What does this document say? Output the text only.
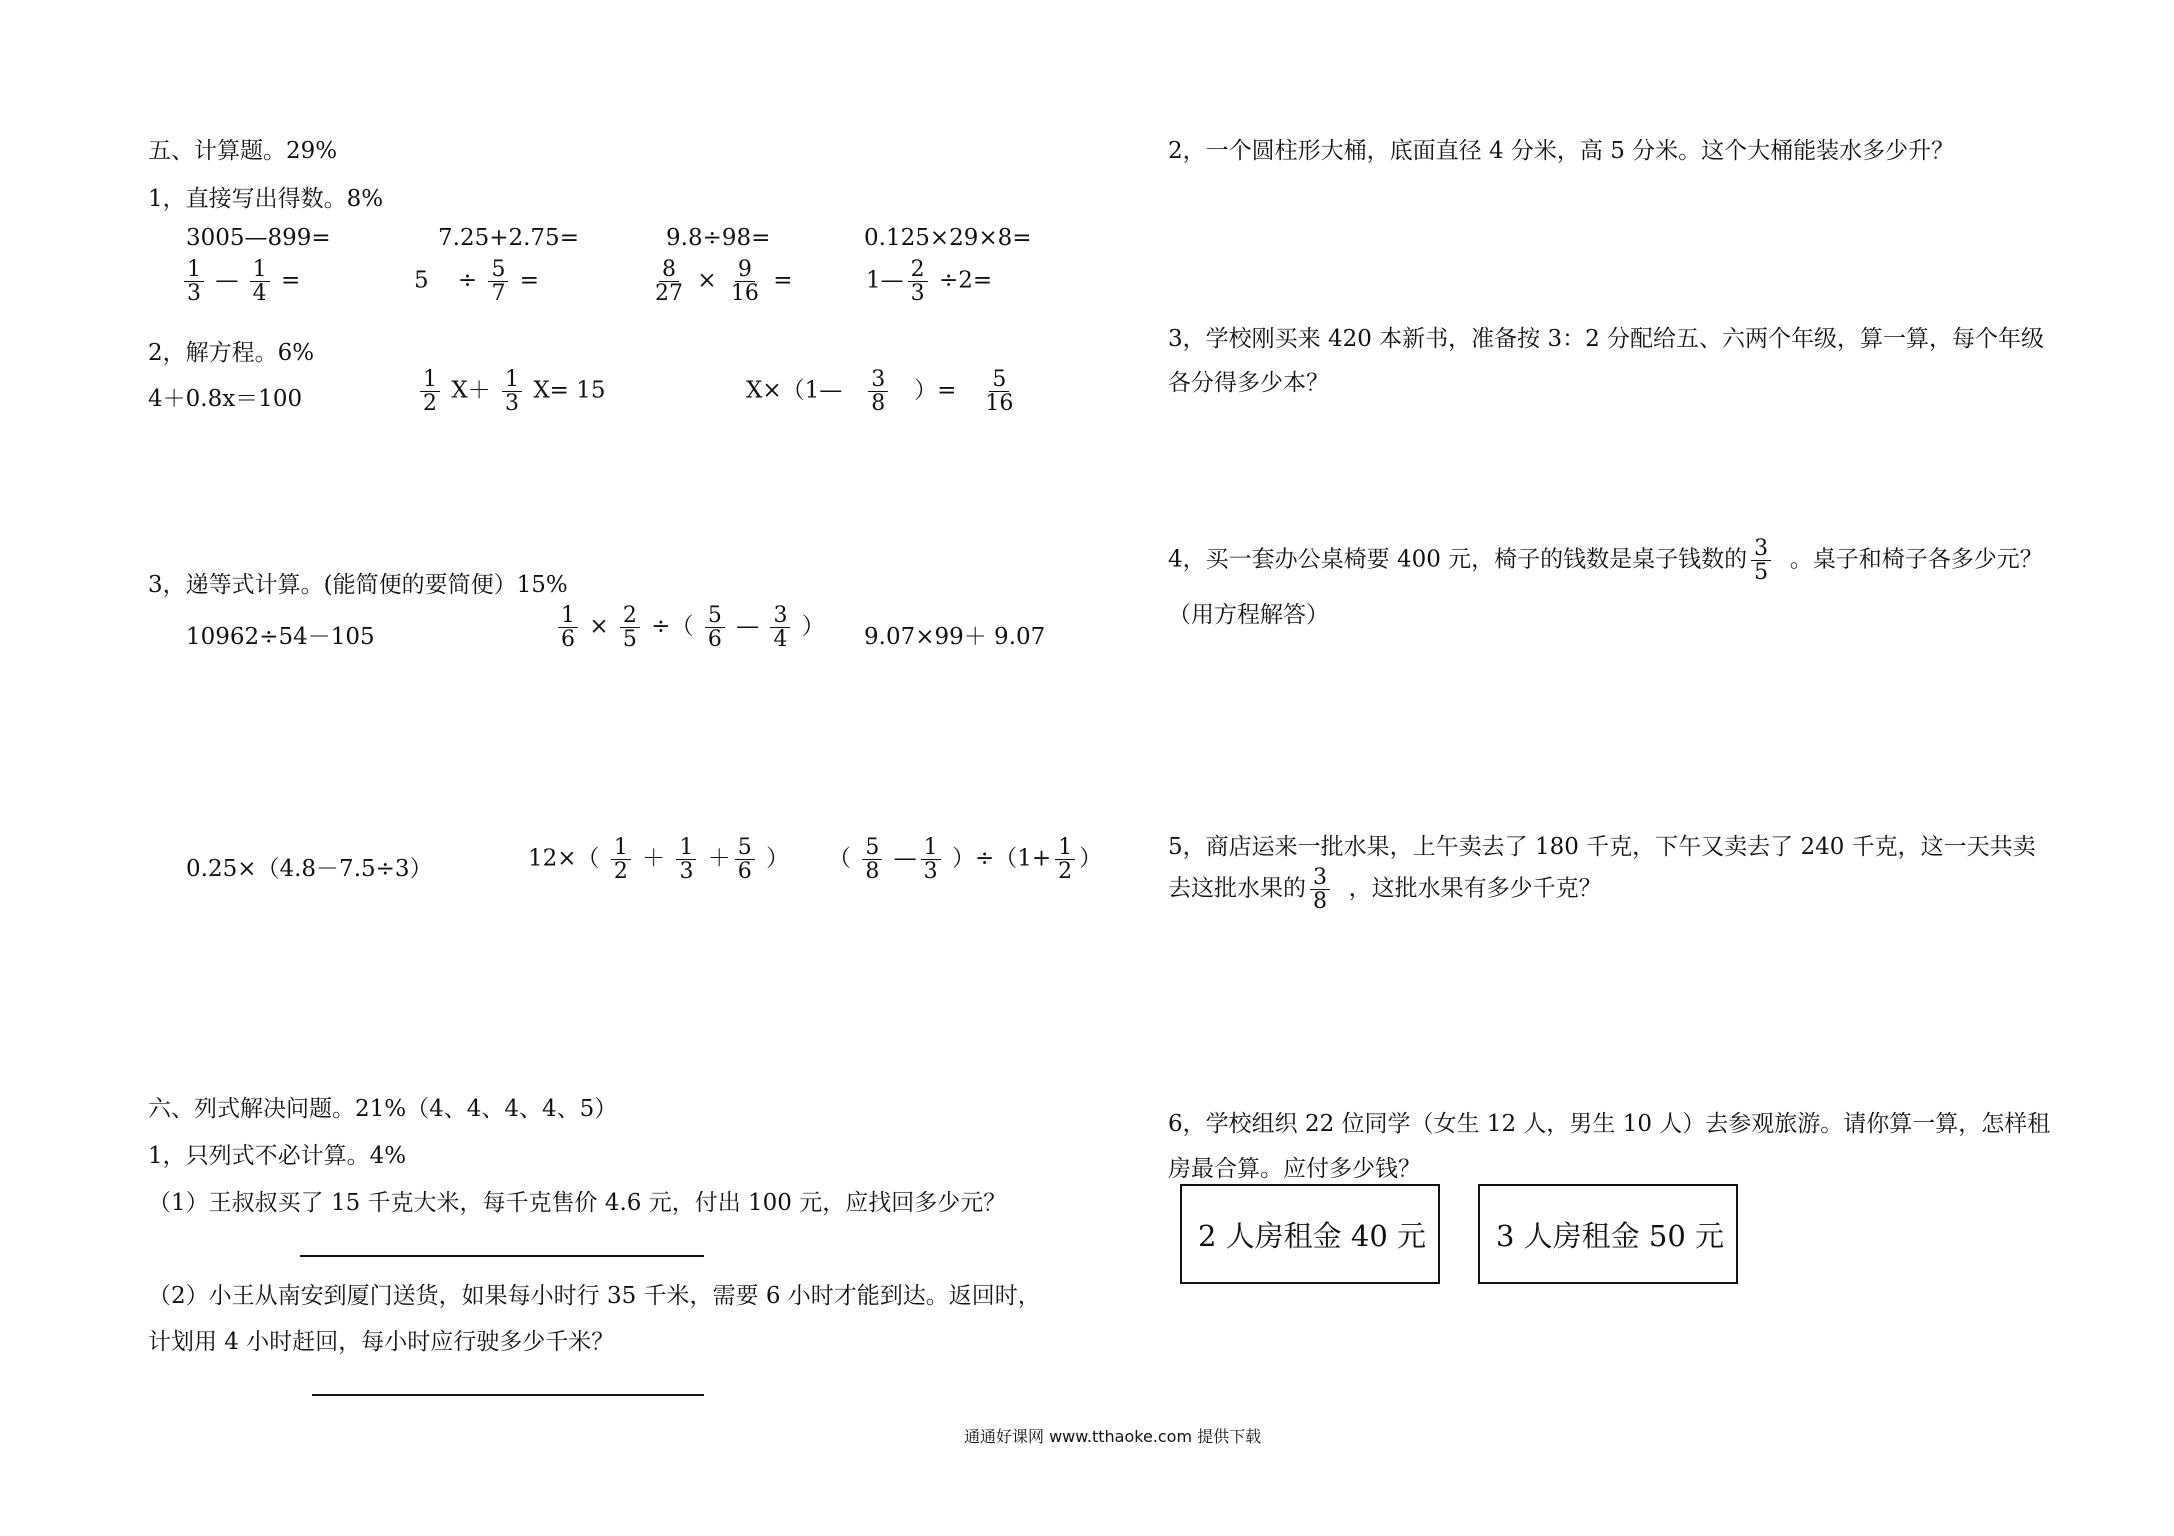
五、计算题。29%
1，直接写出得数。8%
3005—899=	7.25+2.75=	9.8÷98=	0.125×29×8=
$\frac{1}{3}$ — $\frac{1}{4}$ =	$5 \div \frac{5}{7}$ =	$\frac{8}{27} \times \frac{9}{16}$ =	1— $\frac{2}{3} \div 2=$
2，解方程。6%
4＋0.8x＝100	$\frac{1}{2} X+ \frac{1}{3} X= 15$	X×（1— $\frac{3}{8}$ ）= $\frac{5}{16}$
3，递等式计算。(能简便的要简便）15%
10962÷54－105	$\frac{1}{6} \times \frac{2}{5}$ ÷（ $\frac{5}{6}$ — $\frac{3}{4}$ ） 9.07×99＋ 9.07
0.25×（4.8－7.5÷3）	$12\times( \frac{1}{2} + \frac{1}{3} + \frac{5}{6}$ ） （ $\frac{5}{8}$ — $\frac{1}{3} )\div(1+ \frac{1}{2}$ ）
六、列式解决问题。21%（4、4、4、4、5）
1，只列式不必计算。4%
（1）王叔叔买了 15 千克大米，每千克售价 4.6 元，付出 100 元，应找回多少元？
（2）小王从南安到厦门送货，如果每小时行 35 千米，需要 6 小时才能到达。返回时，
计划用 4 小时赶回，每小时应行驶多少千米？
2，一个圆柱形大桶，底面直径 4 分米，高 5 分米。这个大桶能装水多少升？
3，学校刚买来 420 本新书，准备按 3：2 分配给五、六两个年级，算一算，每个年级
各分得多少本？
4，买一套办公桌椅要 400 元，椅子的钱数是桌子钱数的 $\frac{3}{5}$ 。桌子和椅子各多少元？
（用方程解答）
5，商店运来一批水果，上午卖去了 180 千克，下午又卖去了 240 千克，这一天共卖
去这批水果的 $\frac{3}{8}$ ，这批水果有多少千克？
6，学校组织 22 位同学（女生 12 人，男生 10 人）去参观旅游。请你算一算，怎样租
房最合算。应付多少钱？
2 人房租金 40 元 3 人房租金 50 元
通通好课网 www.tthaoke.com 提供下载
